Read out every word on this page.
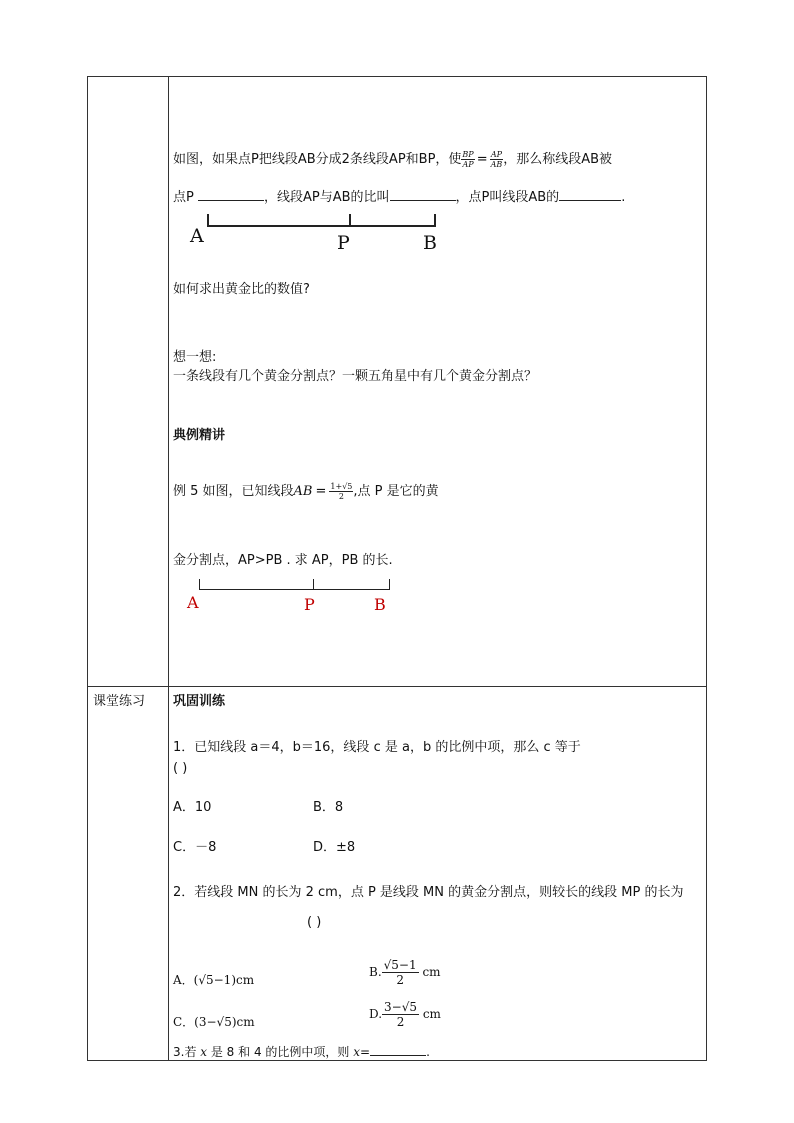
如图，如果点P把线段AB分成2条线段AP和BP，使 $\frac{BP}{AP} = \frac{AP}{AB}$ ，那么称线段AB被
点P	，线段AP与AB的比叫	，点P叫线段AB的	.
A	P	B
如何求出黄金比的数值?
想一想:
一条线段有几个黄金分割点？一颗五角星中有几个黄金分割点？
典例精讲
例 5 如图，已知线段AB = $\frac{1+√5}{2}$ ,点 P 是它的黄
金分割点，AP>PB . 求 AP，PB 的长.
A	P	B
课堂练习 巩固训练
1．已知线段 a＝4，b＝16，线段 c 是 a，b 的比例中项，那么 c 等于
( )
A．10	B．8
C．－8	D．±8
2．若线段 MN 的长为 2 cm，点 P 是线段 MN 的黄金分割点，则较长的线段 MP 的长为
( )
A．(√5−1)cm
B. $\frac{√5-1}{2}$ cm
C．(3−√5)cm
D. $\frac{3-√5}{2}$ cm
3.若 x 是 8 和 4 的比例中项，则 x=	.
